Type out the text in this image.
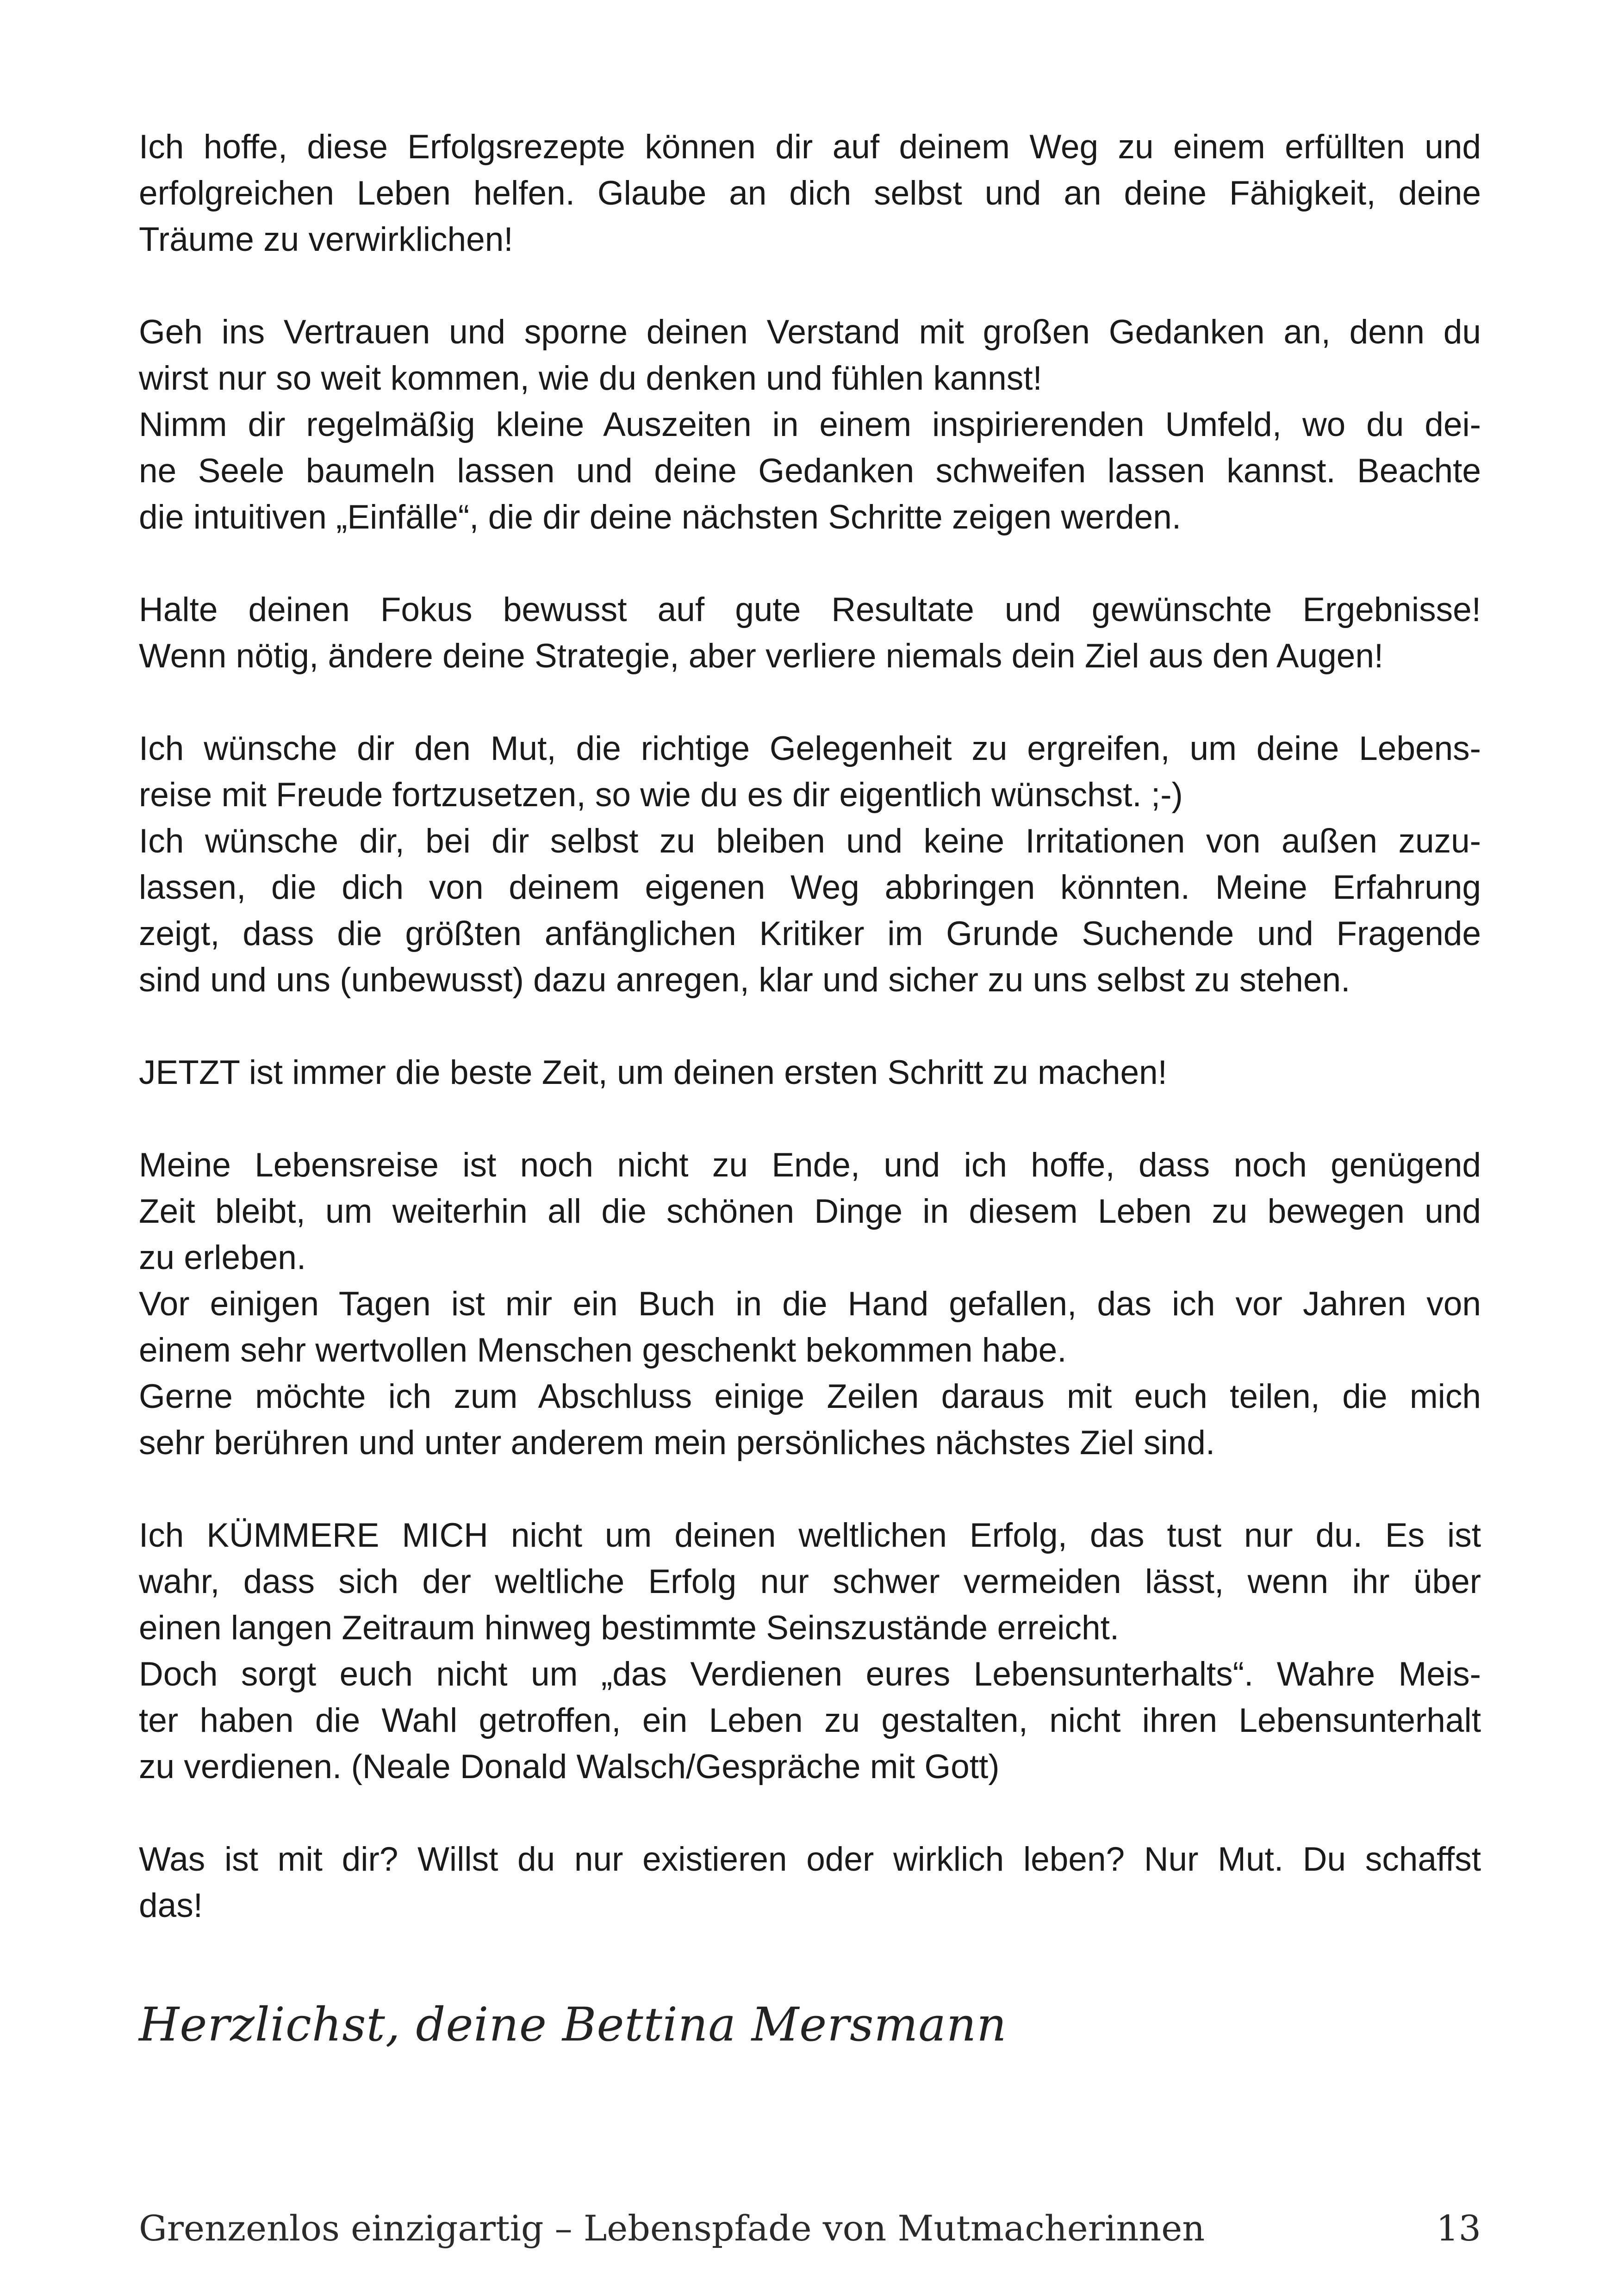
Ich hoffe, diese Erfolgsrezepte können dir auf deinem Weg zu einem erfüllten und
erfolgreichen Leben helfen. Glaube an dich selbst und an deine Fähigkeit, deine
Träume zu verwirklichen!

Geh ins Vertrauen und sporne deinen Verstand mit großen Gedanken an, denn du
wirst nur so weit kommen, wie du denken und fühlen kannst!
Nimm dir regelmäßig kleine Auszeiten in einem inspirierenden Umfeld, wo du dei-
ne Seele baumeln lassen und deine Gedanken schweifen lassen kannst. Beachte
die intuitiven „Einfälle“, die dir deine nächsten Schritte zeigen werden.

Halte deinen Fokus bewusst auf gute Resultate und gewünschte Ergebnisse!
Wenn nötig, ändere deine Strategie, aber verliere niemals dein Ziel aus den Augen!

Ich wünsche dir den Mut, die richtige Gelegenheit zu ergreifen, um deine Lebens-
reise mit Freude fortzusetzen, so wie du es dir eigentlich wünschst. ;-)
Ich wünsche dir, bei dir selbst zu bleiben und keine Irritationen von außen zuzu-
lassen, die dich von deinem eigenen Weg abbringen könnten. Meine Erfahrung
zeigt, dass die größten anfänglichen Kritiker im Grunde Suchende und Fragende
sind und uns (unbewusst) dazu anregen, klar und sicher zu uns selbst zu stehen.

JETZT ist immer die beste Zeit, um deinen ersten Schritt zu machen!

Meine Lebensreise ist noch nicht zu Ende, und ich hoffe, dass noch genügend
Zeit bleibt, um weiterhin all die schönen Dinge in diesem Leben zu bewegen und
zu erleben.
Vor einigen Tagen ist mir ein Buch in die Hand gefallen, das ich vor Jahren von
einem sehr wertvollen Menschen geschenkt bekommen habe.
Gerne möchte ich zum Abschluss einige Zeilen daraus mit euch teilen, die mich
sehr berühren und unter anderem mein persönliches nächstes Ziel sind.

Ich KÜMMERE MICH nicht um deinen weltlichen Erfolg, das tust nur du. Es ist
wahr, dass sich der weltliche Erfolg nur schwer vermeiden lässt, wenn ihr über
einen langen Zeitraum hinweg bestimmte Seinszustände erreicht.
Doch sorgt euch nicht um „das Verdienen eures Lebensunterhalts“. Wahre Meis-
ter haben die Wahl getroffen, ein Leben zu gestalten, nicht ihren Lebensunterhalt
zu verdienen. (Neale Donald Walsch/Gespräche mit Gott)

Was ist mit dir? Willst du nur existieren oder wirklich leben? Nur Mut. Du schaffst
das!

Herzlichst, deine Bettina Mersmann
Grenzenlos einzigartig – Lebenspfade von Mutmacherinnen	13
